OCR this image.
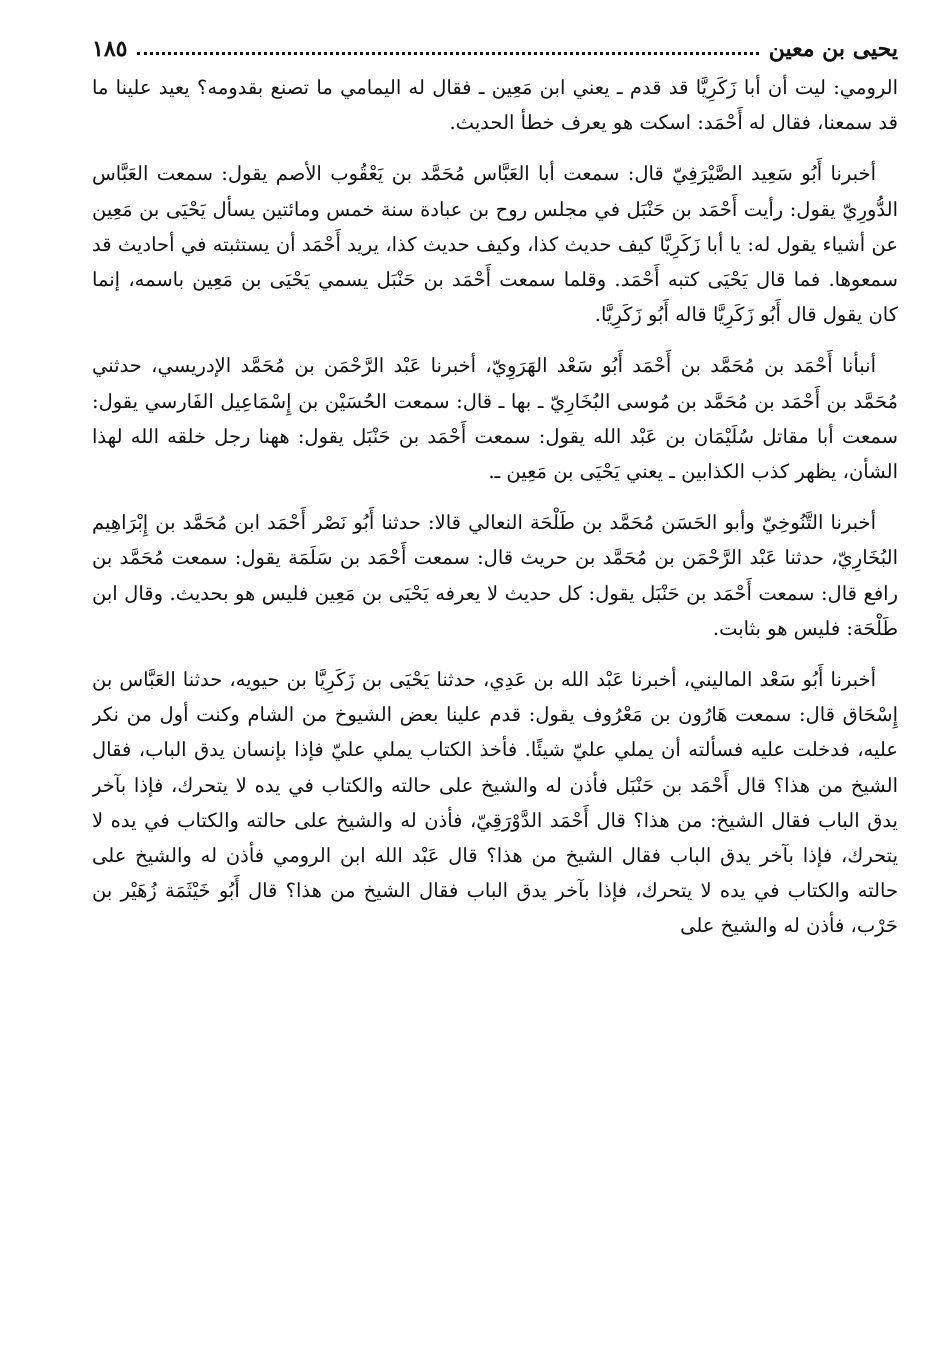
يحيى بن معين
١٨٥

الرومي: ليت أن أبا زَكَرِيَّا قد قدم ـ يعني ابن مَعِين ـ فقال له اليمامي ما تصنع بقدومه؟ يعيد علينا ما قد سمعنا، فقال له أَحْمَد: اسكت هو يعرف خطأ الحديث.

أخبرنا أَبُو سَعِيد الصَّيْرَفِيّ قال: سمعت أبا العَبَّاس مُحَمَّد بن يَعْقُوب الأصم يقول: سمعت العَبَّاس الدُّورِيّ يقول: رأيت أَحْمَد بن حَنْبَل في مجلس روح بن عبادة سنة خمس ومائتين يسأل يَحْيَى بن مَعِين عن أشياء يقول له: يا أبا زَكَرِيَّا كيف حديث كذا، وكيف حديث كذا، يريد أَحْمَد أن يستثبته في أحاديث قد سمعوها. فما قال يَحْيَى كتبه أَحْمَد. وقلما سمعت أَحْمَد بن حَنْبَل يسمي يَحْيَى بن مَعِين باسمه، إنما كان يقول قال أَبُو زَكَرِيَّا قاله أَبُو زَكَرِيَّا.

أنبأنا أَحْمَد بن مُحَمَّد بن أَحْمَد أَبُو سَعْد الهَرَوِيّ، أخبرنا عَبْد الرَّحْمَن بن مُحَمَّد الإدريسي، حدثني مُحَمَّد بن أَحْمَد بن مُحَمَّد بن مُوسى البُخَارِيّ ـ بها ـ قال: سمعت الحُسَيْن بن إِسْمَاعِيل الفَارسي يقول: سمعت أبا مقاتل سُلَيْمَان بن عَبْد الله يقول: سمعت أَحْمَد بن حَنْبَل يقول: ههنا رجل خلقه الله لهذا الشأن، يظهر كذب الكذابين ـ يعني يَحْيَى بن مَعِين ـ.

أخبرنا التَّنُوخِيّ وأبو الحَسَن مُحَمَّد بن طَلْحَة النعالي قالا: حدثنا أَبُو نَصْر أَحْمَد ابن مُحَمَّد بن إِبْرَاهِيم البُخَارِيّ، حدثنا عَبْد الرَّحْمَن بن مُحَمَّد بن حريث قال: سمعت أَحْمَد بن سَلَمَة يقول: سمعت مُحَمَّد بن رافع قال: سمعت أَحْمَد بن حَنْبَل يقول: كل حديث لا يعرفه يَحْيَى بن مَعِين فليس هو بحديث. وقال ابن طَلْحَة: فليس هو بثابت.

أخبرنا أَبُو سَعْد الماليني، أخبرنا عَبْد الله بن عَدِي، حدثنا يَحْيَى بن زَكَرِيَّا بن حيويه، حدثنا العَبَّاس بن إِسْحَاق قال: سمعت هَارُون بن مَعْرُوف يقول: قدم علينا بعض الشيوخ من الشام وكنت أول من نكر عليه، فدخلت عليه فسألته أن يملي عليّ شيئًا. فأخذ الكتاب يملي عليّ فإذا بإنسان يدق الباب، فقال الشيخ من هذا؟ قال أَحْمَد بن حَنْبَل فأذن له والشيخ على حالته والكتاب في يده لا يتحرك، فإذا بآخر يدق الباب فقال الشيخ: من هذا؟ قال أَحْمَد الدَّوْرَقِيّ، فأذن له والشيخ على حالته والكتاب في يده لا يتحرك، فإذا بآخر يدق الباب فقال الشيخ من هذا؟ قال عَبْد الله ابن الرومي فأذن له والشيخ على حالته والكتاب في يده لا يتحرك، فإذا بآخر يدق الباب فقال الشيخ من هذا؟ قال أَبُو خَيْثَمَة زُهَيْر بن حَرْب، فأذن له والشيخ على
